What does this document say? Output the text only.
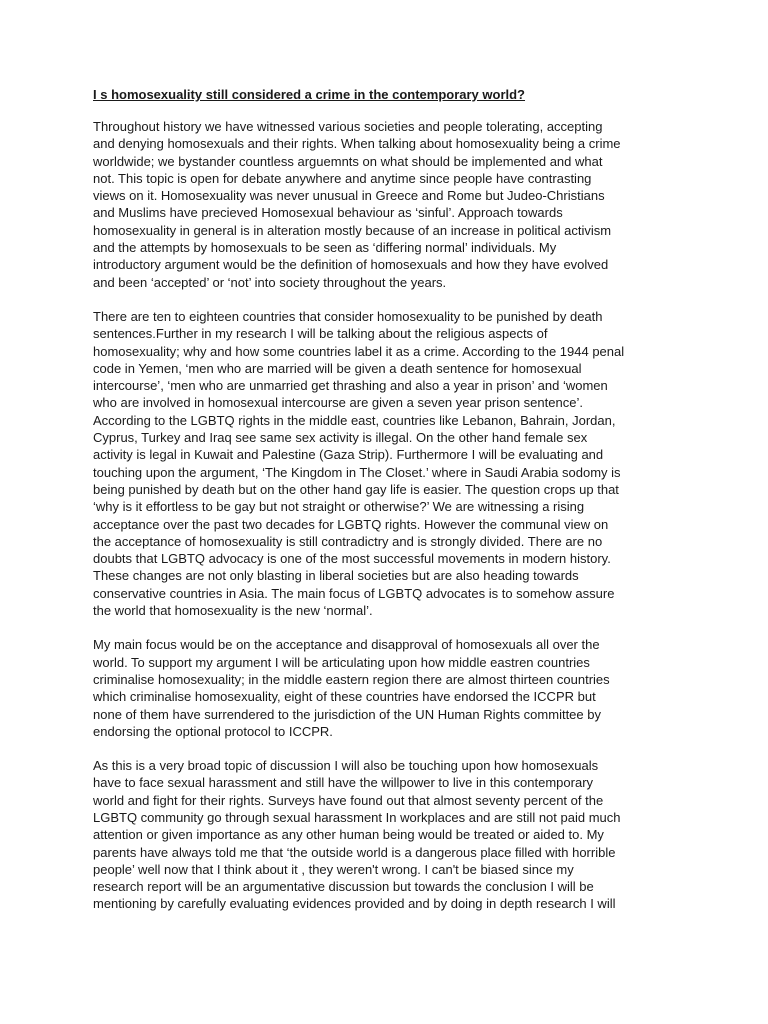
I s homosexuality still considered a crime in the contemporary world?
Throughout history we have witnessed various societies and people tolerating, accepting
and denying homosexuals and their rights. When talking about homosexuality being a crime
worldwide; we bystander countless arguemnts on what should be implemented and what
not. This topic is open for debate anywhere and anytime since people have contrasting
views on it. Homosexuality was never unusual in Greece and Rome but Judeo-Christians
and Muslims have precieved Homosexual behaviour as ‘sinful’. Approach towards
homosexuality in general is in alteration mostly because of an increase in political activism
and the attempts by homosexuals to be seen as ‘differing normal’ individuals. My
introductory argument would be the definition of homosexuals and how they have evolved
and been ‘accepted’ or ‘not’ into society throughout the years.
There are ten to eighteen countries that consider homosexuality to be punished by death
sentences.Further in my research I will be talking about the religious aspects of
homosexuality; why and how some countries label it as a crime. According to the 1944 penal
code in Yemen, ‘men who are married will be given a death sentence for homosexual
intercourse’, ‘men who are unmarried get thrashing and also a year in prison’ and ‘women
who are involved in homosexual intercourse are given a seven year prison sentence’.
According to the LGBTQ rights in the middle east, countries like Lebanon, Bahrain, Jordan,
Cyprus, Turkey and Iraq see same sex activity is illegal. On the other hand female sex
activity is legal in Kuwait and Palestine (Gaza Strip). Furthermore I will be evaluating and
touching upon the argument, ‘The Kingdom in The Closet.’ where in Saudi Arabia sodomy is
being punished by death but on the other hand gay life is easier. The question crops up that
‘why is it effortless to be gay but not straight or otherwise?’ We are witnessing a rising
acceptance over the past two decades for LGBTQ rights. However the communal view on
the acceptance of homosexuality is still contradictry and is strongly divided. There are no
doubts that LGBTQ advocacy is one of the most successful movements in modern history.
These changes are not only blasting in liberal societies but are also heading towards
conservative countries in Asia. The main focus of LGBTQ advocates is to somehow assure
the world that homosexuality is the new ‘normal’.
My main focus would be on the acceptance and disapproval of homosexuals all over the
world. To support my argument I will be articulating upon how middle eastren countries
criminalise homosexuality; in the middle eastern region there are almost thirteen countries
which criminalise homosexuality, eight of these countries have endorsed the ICCPR but
none of them have surrendered to the jurisdiction of the UN Human Rights committee by
endorsing the optional protocol to ICCPR.
As this is a very broad topic of discussion I will also be touching upon how homosexuals
have to face sexual harassment and still have the willpower to live in this contemporary
world and fight for their rights. Surveys have found out that almost seventy percent of the
LGBTQ community go through sexual harassment In workplaces and are still not paid much
attention or given importance as any other human being would be treated or aided to. My
parents have always told me that ‘the outside world is a dangerous place filled with horrible
people’ well now that I think about it , they weren't wrong. I can't be biased since my
research report will be an argumentative discussion but towards the conclusion I will be
mentioning by carefully evaluating evidences provided and by doing in depth research I will
